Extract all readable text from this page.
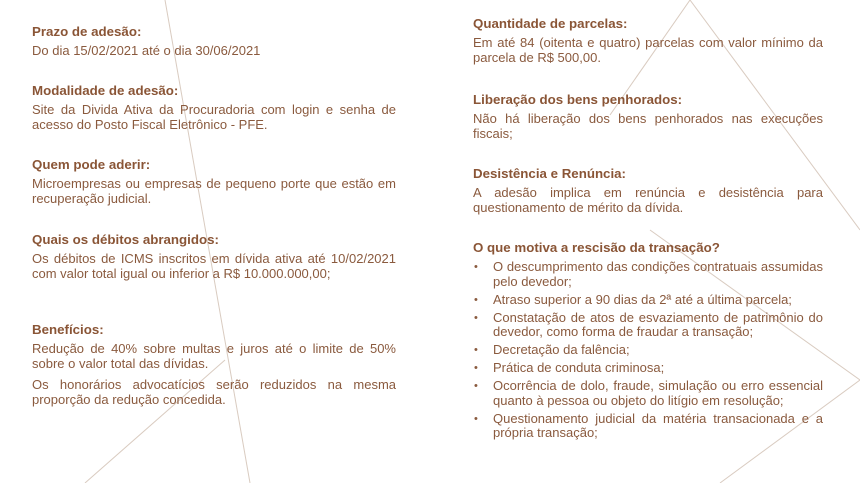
Prazo de adesão:

Do dia 15/02/2021 até o dia 30/06/2021

Modalidade de adesão:

Site da Divida Ativa da Procuradoria com login e senha de acesso do Posto Fiscal Eletrônico - PFE.

Quem pode aderir:

Microempresas ou empresas de pequeno porte que estão em recuperação judicial.

Quais os débitos abrangidos:

Os débitos de ICMS inscritos em dívida ativa até 10/02/2021 com valor total igual ou inferior a R$ 10.000.000,00;

Benefícios:

Redução de 40% sobre multas e juros até o limite de 50% sobre o valor total das dívidas.

Os honorários advocatícios serão reduzidos na mesma proporção da redução concedida.

Quantidade de parcelas:

Em até 84 (oitenta e quatro) parcelas com valor mínimo da parcela de R$ 500,00.

Liberação dos bens penhorados:

Não há liberação dos bens penhorados nas execuções fiscais;

Desistência e Renúncia:

A adesão implica em renúncia e desistência para questionamento de mérito da dívida.

O que motiva a rescisão da transação?
• O descumprimento das condições contratuais assumidas pelo devedor;
• Atraso superior a 90 dias da 2ª até a última parcela;
• Constatação de atos de esvaziamento de patrimônio do devedor, como forma de fraudar a transação;
• Decretação da falência;
• Prática de conduta criminosa;
• Ocorrência de dolo, fraude, simulação ou erro essencial quanto à pessoa ou objeto do litígio em resolução;
• Questionamento judicial da matéria transacionada e a própria transação;
